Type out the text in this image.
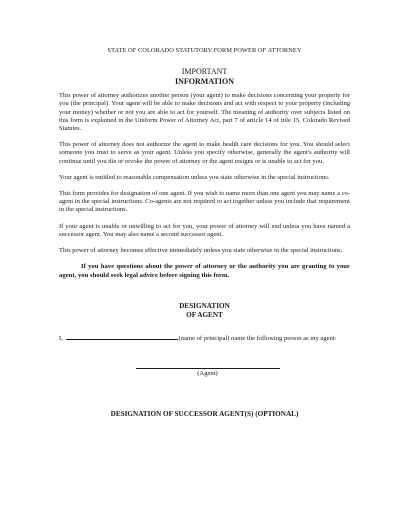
STATE OF COLORADO STATUTORY FORM POWER OF ATTORNEY
IMPORTANT
INFORMATION

This power of attorney authorizes another person (your agent) to make decisions concerning your property for you (the principal). Your agent will be able to make decisions and act with respect to your property (including your money) whether or not you are able to act for yourself. The meaning of authority over subjects listed on this form is explained in the Uniform Power of Attorney Act, part 7 of article 14 of title 15, Colorado Revised Statutes.

This power of attorney does not authorize the agent to make health care decisions for you. You should select someone you trust to serve as your agent. Unless you specify otherwise, generally the agent's authority will continue until you die or revoke the power of attorney or the agent resigns or is unable to act for you.

Your agent is entitled to reasonable compensation unless you state otherwise in the special instructions.

This form provides for designation of one agent. If you wish to name more than one agent you may name a co-agent in the special instructions. Co-agents are not required to act together unless you include that requirement in the special instructions.

If your agent is unable or unwilling to act for you, your power of attorney will end unless you have named a successor agent. You may also name a second successor agent.

This power of attorney becomes effective immediately unless you state otherwise in the special instructions.

If you have questions about the power of attorney or the authority you are granting to your agent, you should seek legal advice before signing this form.

DESIGNATION
OF AGENT
I,	(name of principal) name the following person as my agent:
(Agent)
DESIGNATION OF SUCCESSOR AGENT(S) (OPTIONAL)
